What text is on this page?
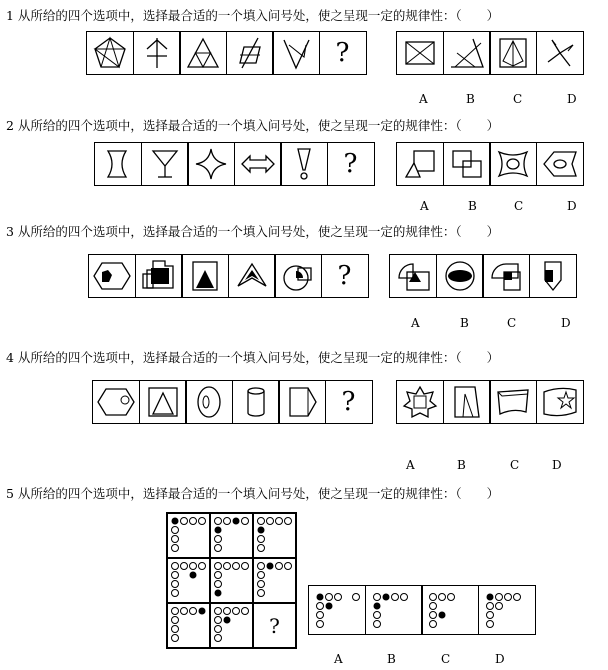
1 从所给的四个选项中，选择最合适的一个填入问号处，使之呈现一定的规律性：（　　）
?
A	B	C	D
2 从所给的四个选项中，选择最合适的一个填入问号处，使之呈现一定的规律性：（　　）
?
A	B	C	D
3 从所给的四个选项中，选择最合适的一个填入问号处，使之呈现一定的规律性：（　　）
?
A	B	C	D
4 从所给的四个选项中，选择最合适的一个填入问号处，使之呈现一定的规律性：（　　）
?
A	B	C	D
5 从所给的四个选项中，选择最合适的一个填入问号处，使之呈现一定的规律性：（　　）
?
A	B	C	D
